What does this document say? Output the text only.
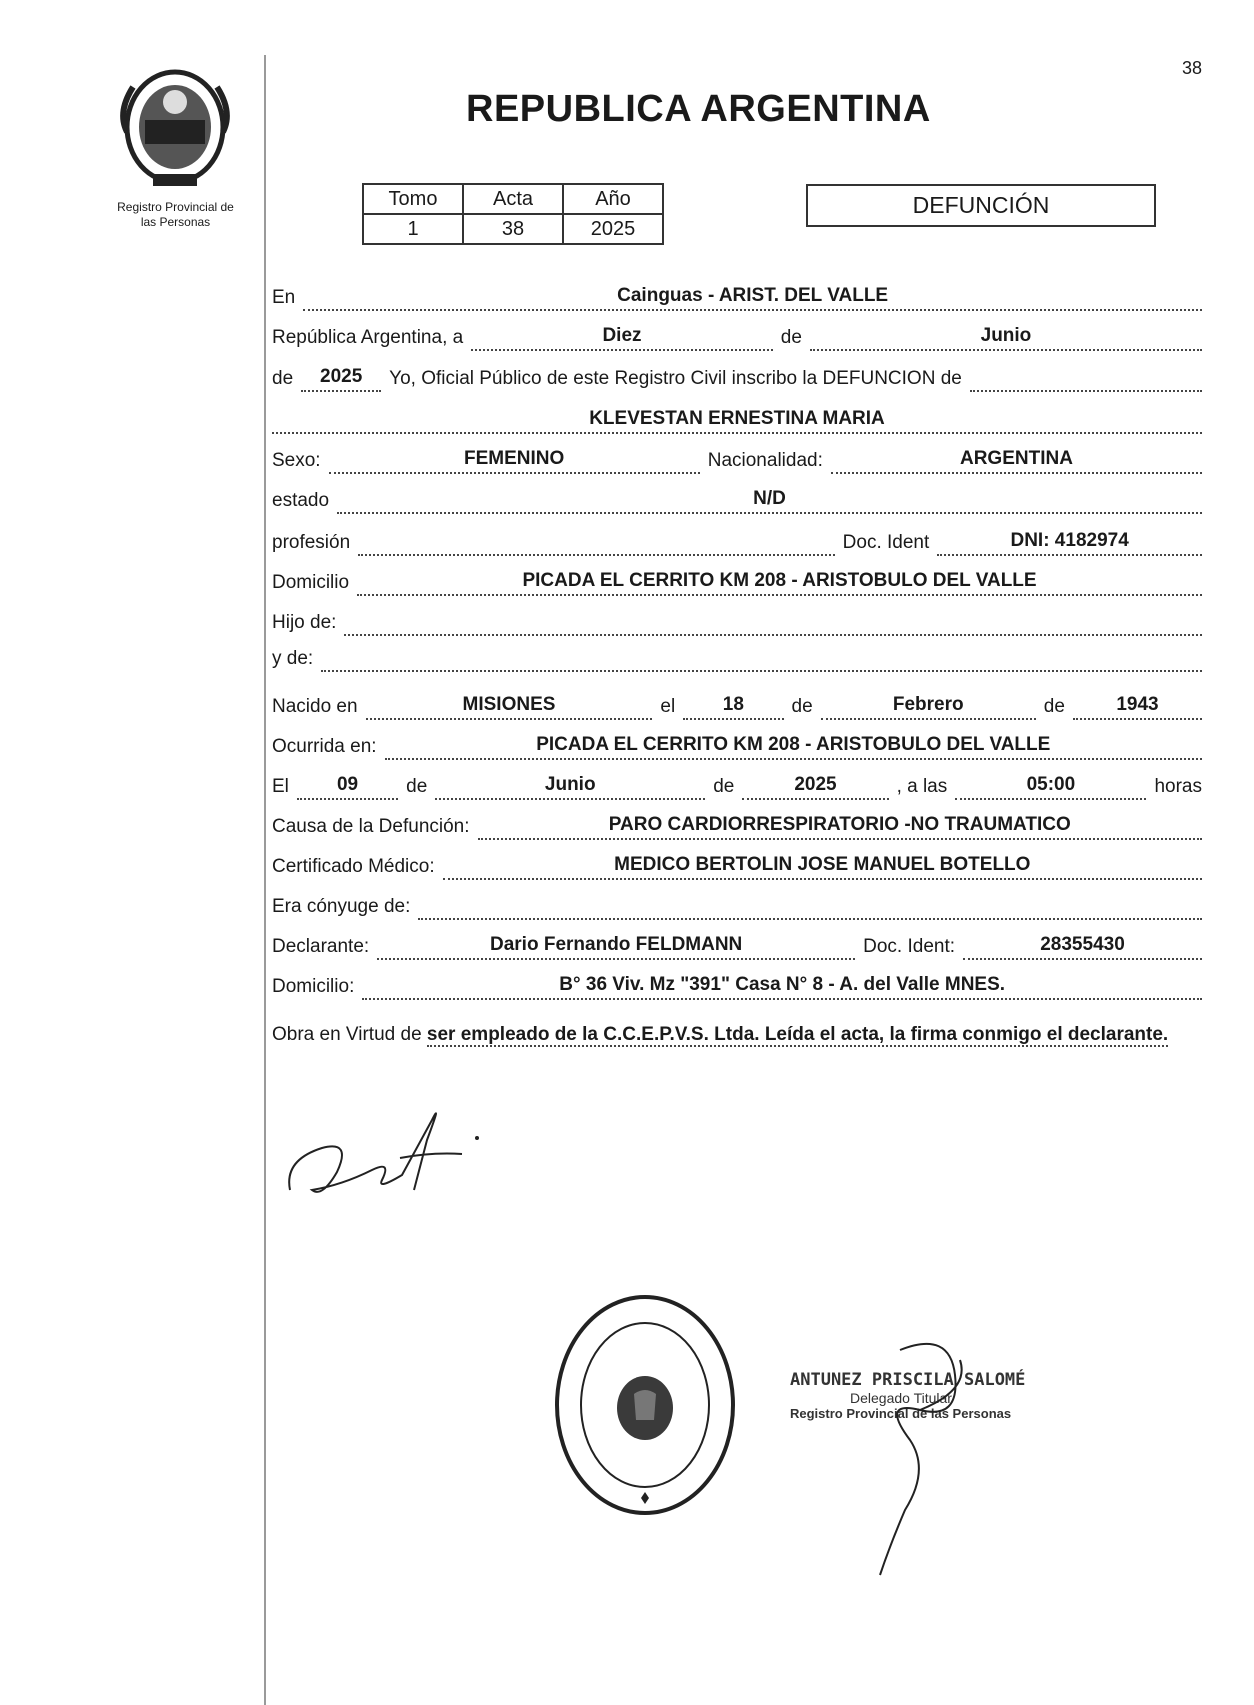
38
Registro Provincial de
las Personas
REPUBLICA ARGENTINA
Tomo	Acta	Año
1	38	2025
DEFUNCIÓN
En	Cainguas - ARIST. DEL VALLE
República Argentina, a	Diez	de	Junio
de	2025	Yo, Oficial Público de este Registro Civil inscribo la DEFUNCION de
KLEVESTAN ERNESTINA MARIA
Sexo:	FEMENINO	Nacionalidad:	ARGENTINA
estado	N/D
profesión	Doc. Ident	DNI: 4182974
Domicilio	PICADA EL CERRITO KM 208 - ARISTOBULO DEL VALLE
Hijo de:
y de:
Nacido en	MISIONES	el	18	de	Febrero	de	1943
Ocurrida en:	PICADA EL CERRITO KM 208 - ARISTOBULO DEL VALLE
El	09	de	Junio	de	2025	, a las	05:00	horas
Causa de la Defunción:	PARO CARDIORRESPIRATORIO -NO TRAUMATICO
Certificado Médico:	MEDICO BERTOLIN JOSE MANUEL BOTELLO
Era cónyuge de:
Declarante:	Dario Fernando FELDMANN	Doc. Ident:	28355430
Domicilio:	B° 36 Viv. Mz "391" Casa N° 8 - A. del Valle MNES.
Obra en Virtud de ser empleado de la C.C.E.P.V.S. Ltda. Leída el acta, la firma conmigo el declarante.
ANTUNEZ PRISCILA SALOMÉ
Delegado Titular
Registro Provincial de las Personas
